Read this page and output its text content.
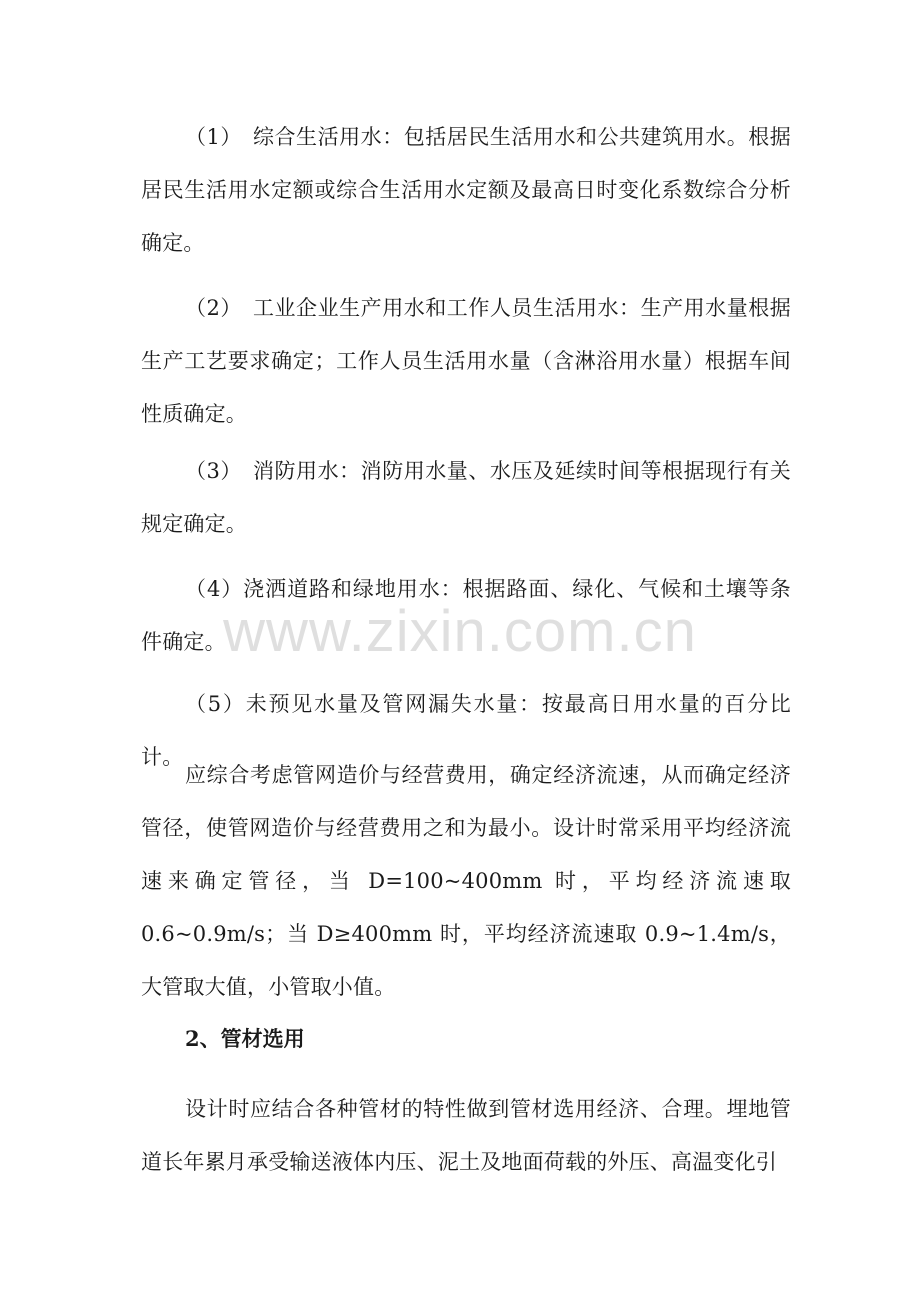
（1）　综合生活用水：包括居民生活用水和公共建筑用水。根据居民生活用水定额或综合生活用水定额及最高日时变化系数综合分析确定。

（2）　工业企业生产用水和工作人员生活用水：生产用水量根据生产工艺要求确定；工作人员生活用水量（含淋浴用水量）根据车间性质确定。

（3）　消防用水：消防用水量、水压及延续时间等根据现行有关规定确定。

（4）浇洒道路和绿地用水：根据路面、绿化、气候和土壤等条件确定。

（5）未预见水量及管网漏失水量：按最高日用水量的百分比计。

应综合考虑管网造价与经营费用，确定经济流速，从而确定经济管径，使管网造价与经营费用之和为最小。设计时常采用平均经济流速来确定管径，当 D=100~400mm 时，平均经济流速取 0.6~0.9m/s；当 D≥400mm 时，平均经济流速取 0.9~1.4m/s，大管取大值，小管取小值。

2、管材选用

设计时应结合各种管材的特性做到管材选用经济、合理。埋地管道长年累月承受输送液体内压、泥土及地面荷载的外压、高温变化引

www.zixin.com.cn
